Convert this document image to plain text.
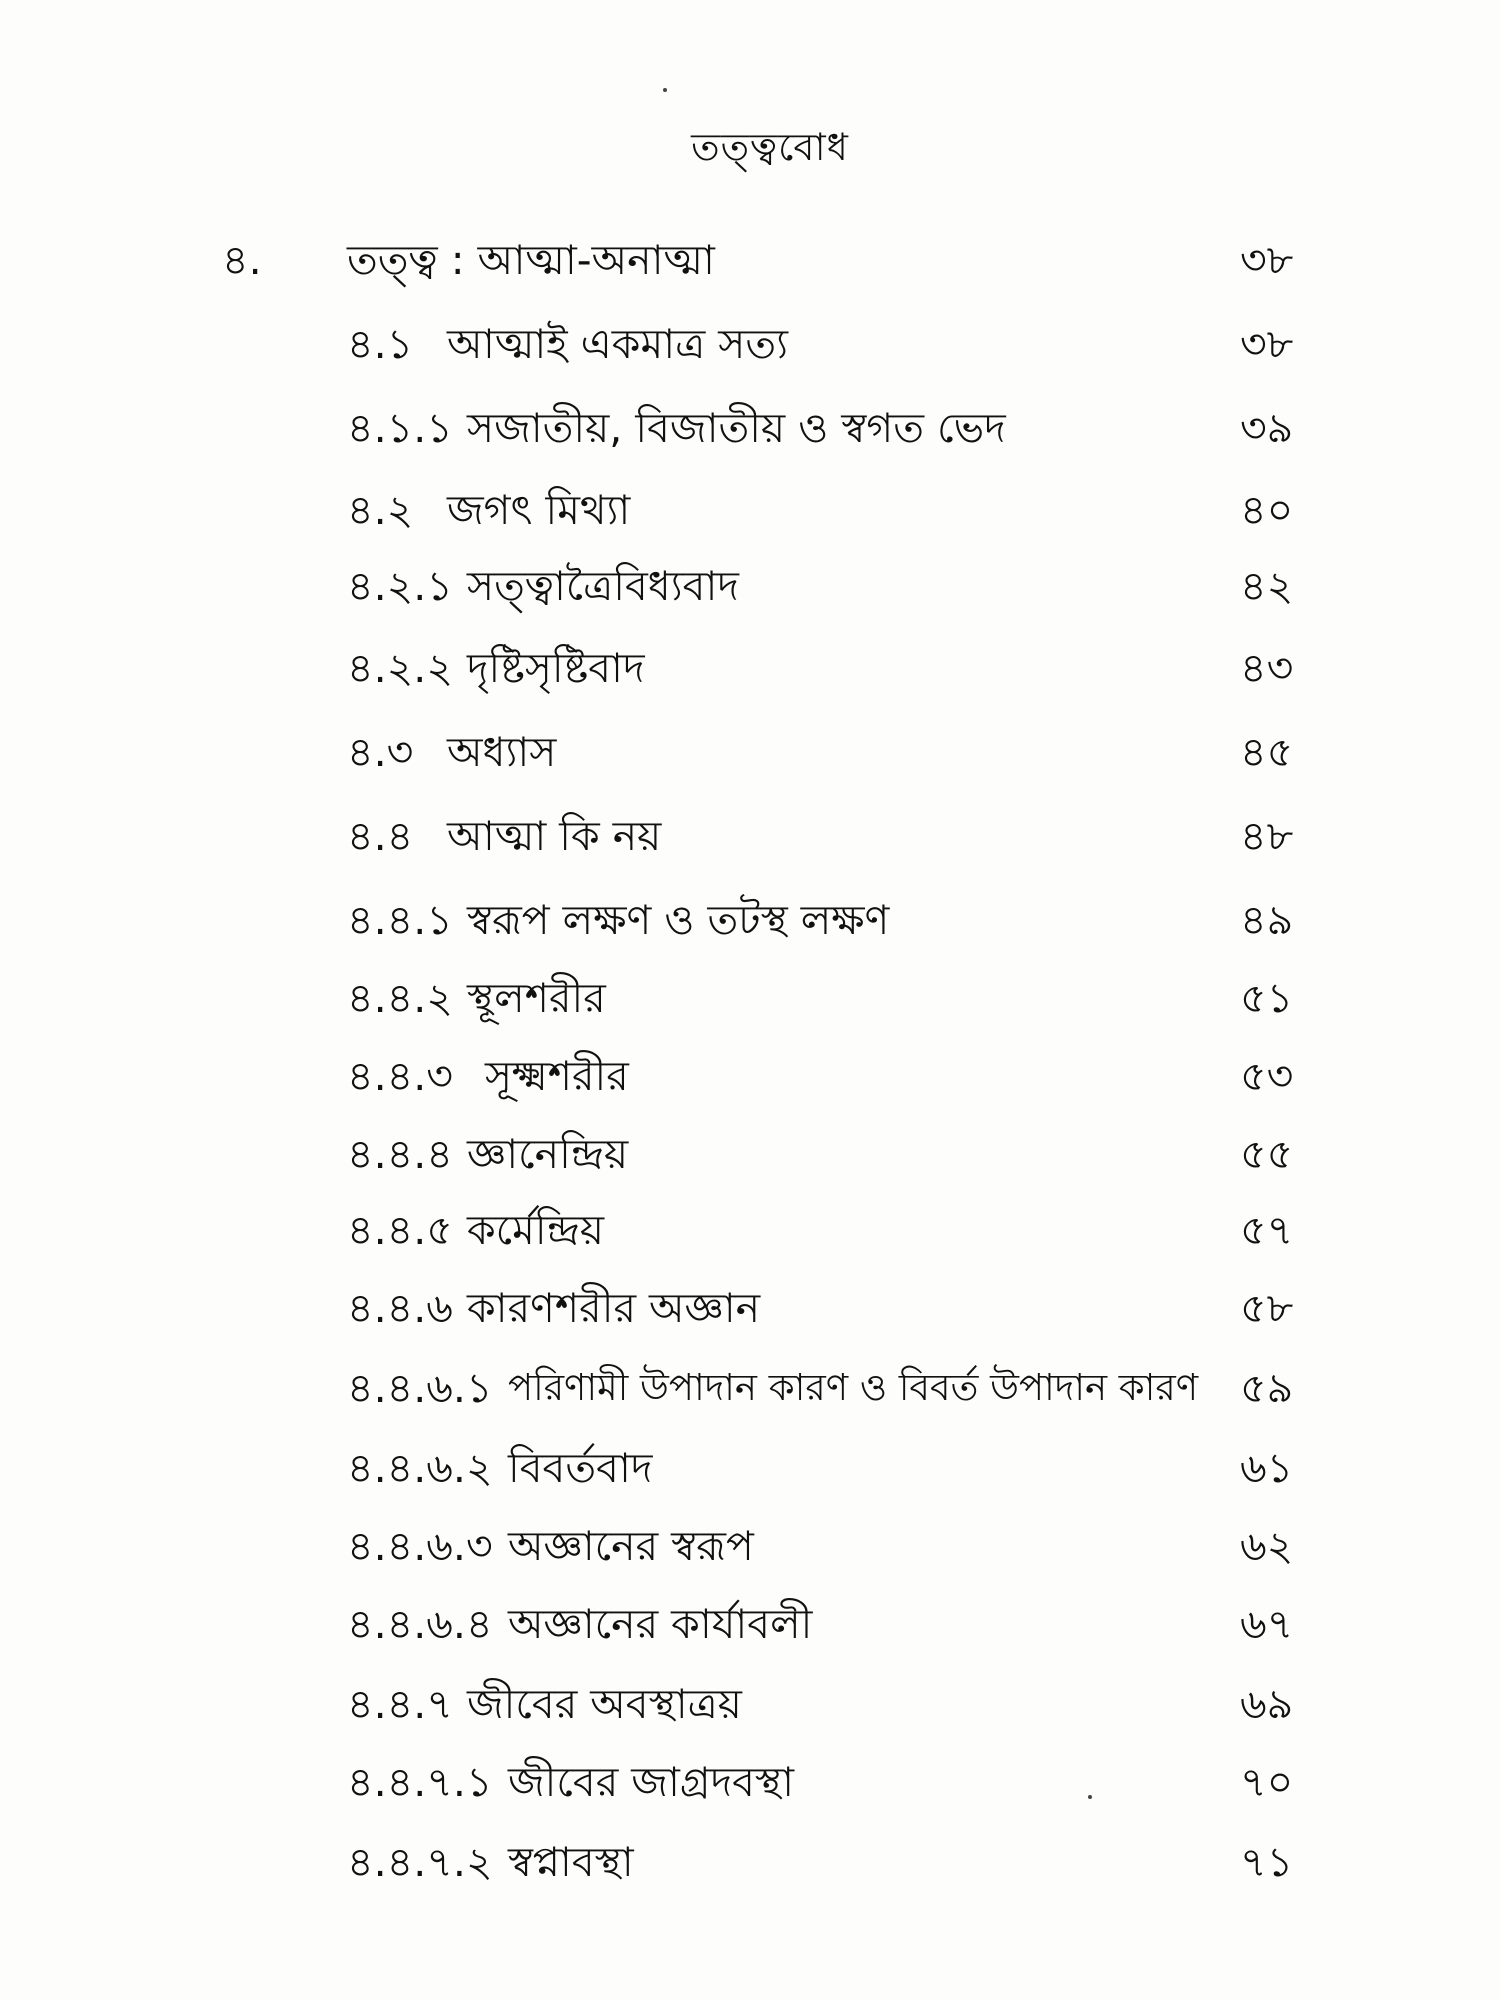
তত্ত্ববোধ
৪. তত্ত্ব : আত্মা-অনাত্মা	৩৮
৪.১ আত্মাই একমাত্র সত্য	৩৮
৪.১.১ সজাতীয়, বিজাতীয় ও স্বগত ভেদ	৩৯
৪.২ জগৎ মিথ্যা	৪০
৪.২.১ সত্ত্বাত্রৈবিধ্যবাদ	৪২
৪.২.২ দৃষ্টিসৃষ্টিবাদ	৪৩
৪.৩ অধ্যাস	৪৫
৪.৪ আত্মা কি নয়	৪৮
৪.৪.১ স্বরূপ লক্ষণ ও তটস্থ লক্ষণ	৪৯
৪.৪.২ স্থূলশরীর	৫১
৪.৪.৩ সূক্ষ্মশরীর	৫৩
৪.৪.৪ জ্ঞানেন্দ্রিয়	৫৫
৪.৪.৫ কর্মেন্দ্রিয়	৫৭
৪.৪.৬ কারণশরীর অজ্ঞান	৫৮
৪.৪.৬.১ পরিণামী উপাদান কারণ ও বিবর্ত উপাদান কারণ ৫৯
৪.৪.৬.২ বিবর্তবাদ	৬১
৪.৪.৬.৩ অজ্ঞানের স্বরূপ	৬২
৪.৪.৬.৪ অজ্ঞানের কার্যাবলী	৬৭
৪.৪.৭ জীবের অবস্থাত্রয়	৬৯
৪.৪.৭.১ জীবের জাগ্রদবস্থা	৭০
৪.৪.৭.২ স্বপ্নাবস্থা	৭১
